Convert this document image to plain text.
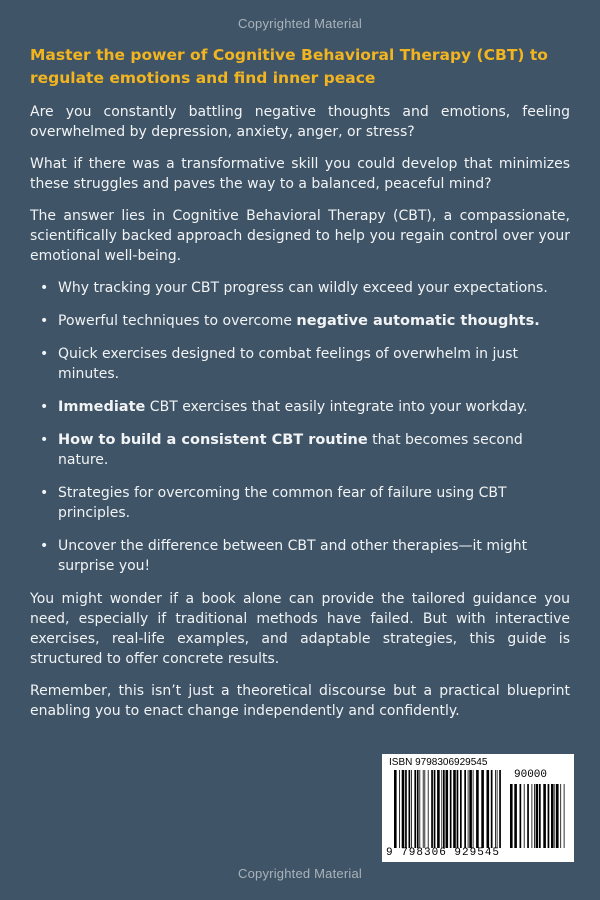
Copyrighted Material
Master the power of Cognitive Behavioral Therapy (CBT) to regulate emotions and find inner peace

Are you constantly battling negative thoughts and emotions, feeling overwhelmed by depression, anxiety, anger, or stress?

What if there was a transformative skill you could develop that minimizes these struggles and paves the way to a balanced, peaceful mind?

The answer lies in Cognitive Behavioral Therapy (CBT), a compassionate, scientifically backed approach designed to help you regain control over your emotional well-being.

• Why tracking your CBT progress can wildly exceed your expectations.
• Powerful techniques to overcome negative automatic thoughts.
• Quick exercises designed to combat feelings of overwhelm in just minutes.
• Immediate CBT exercises that easily integrate into your workday.
• How to build a consistent CBT routine that becomes second nature.
• Strategies for overcoming the common fear of failure using CBT principles.
• Uncover the difference between CBT and other therapies—it might surprise you!

You might wonder if a book alone can provide the tailored guidance you need, especially if traditional methods have failed. But with interactive exercises, real-life examples, and adaptable strategies, this guide is structured to offer concrete results.

Remember, this isn’t just a theoretical discourse but a practical blueprint enabling you to enact change independently and confidently.

ISBN 9798306929545
90000
9 798306 929545
Copyrighted Material
